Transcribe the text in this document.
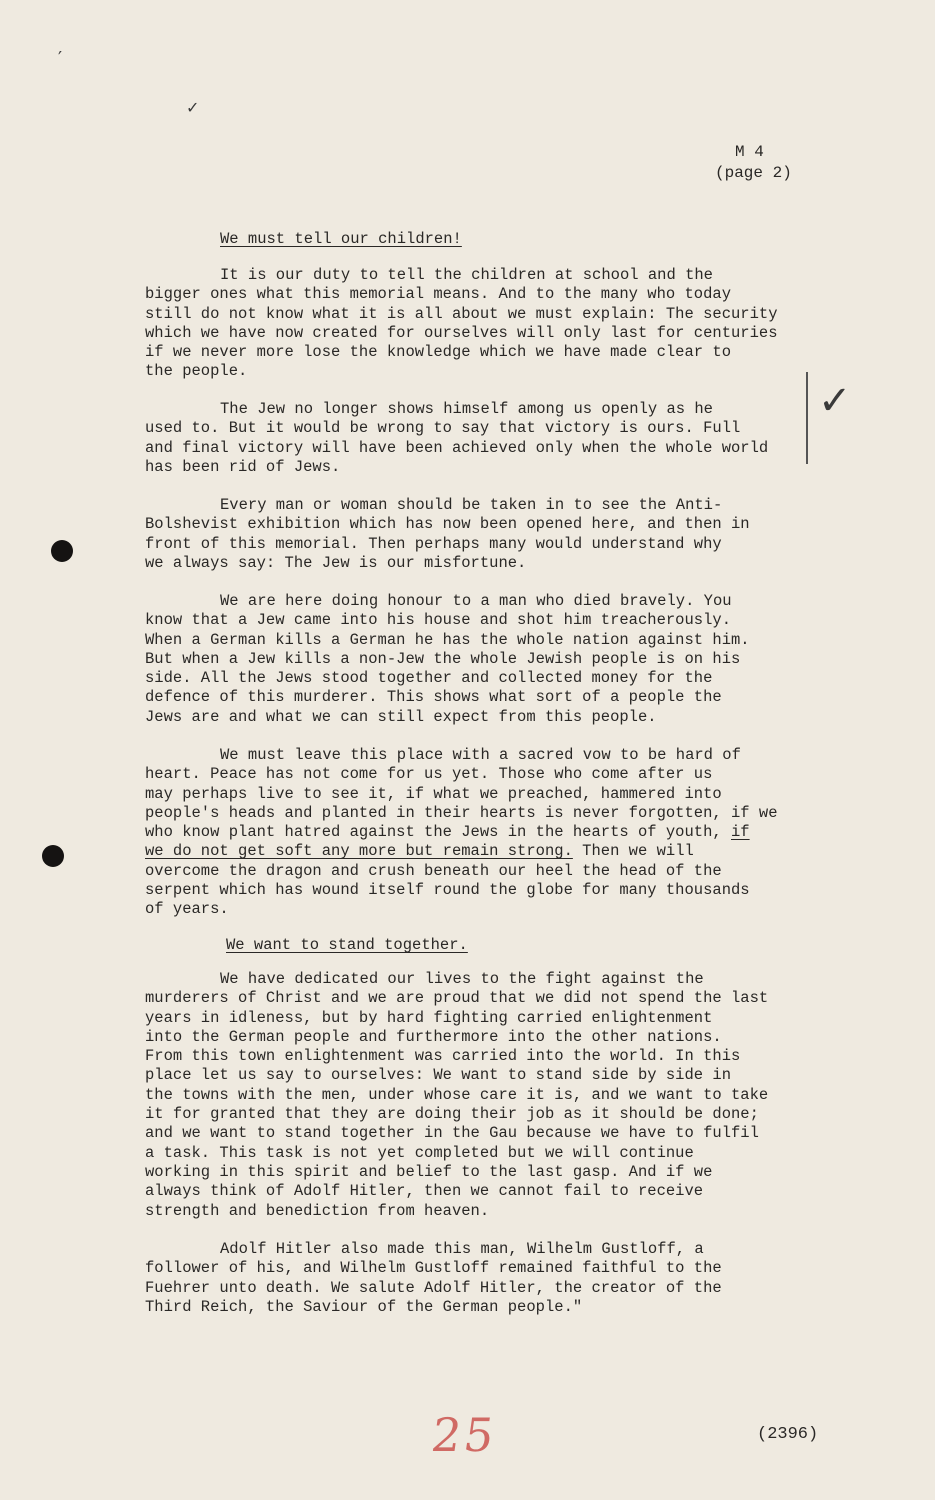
′
✓
M 4
(page 2)
We must tell our children!
It is our duty to tell the children at school and the
bigger ones what this memorial means. And to the many who today
still do not know what it is all about we must explain: The security
which we have now created for ourselves will only last for centuries
if we never more lose the knowledge which we have made clear to
the people.
The Jew no longer shows himself among us openly as he
used to. But it would be wrong to say that victory is ours. Full
and final victory will have been achieved only when the whole world
has been rid of Jews.
Every man or woman should be taken in to see the Anti-
Bolshevist exhibition which has now been opened here, and then in
front of this memorial. Then perhaps many would understand why
we always say: The Jew is our misfortune.
We are here doing honour to a man who died bravely. You
know that a Jew came into his house and shot him treacherously.
When a German kills a German he has the whole nation against him.
But when a Jew kills a non-Jew the whole Jewish people is on his
side. All the Jews stood together and collected money for the
defence of this murderer. This shows what sort of a people the
Jews are and what we can still expect from this people.
We must leave this place with a sacred vow to be hard of
heart. Peace has not come for us yet. Those who come after us
may perhaps live to see it, if what we preached, hammered into
people's heads and planted in their hearts is never forgotten, if we
who know plant hatred against the Jews in the hearts of youth, if
we do not get soft any more but remain strong. Then we will
overcome the dragon and crush beneath our heel the head of the
serpent which has wound itself round the globe for many thousands
of years.
We want to stand together.
We have dedicated our lives to the fight against the
murderers of Christ and we are proud that we did not spend the last
years in idleness, but by hard fighting carried enlightenment
into the German people and furthermore into the other nations.
From this town enlightenment was carried into the world. In this
place let us say to ourselves: We want to stand side by side in
the towns with the men, under whose care it is, and we want to take
it for granted that they are doing their job as it should be done;
and we want to stand together in the Gau because we have to fulfil
a task. This task is not yet completed but we will continue
working in this spirit and belief to the last gasp. And if we
always think of Adolf Hitler, then we cannot fail to receive
strength and benediction from heaven.
Adolf Hitler also made this man, Wilhelm Gustloff, a
follower of his, and Wilhelm Gustloff remained faithful to the
Fuehrer unto death. We salute Adolf Hitler, the creator of the
Third Reich, the Saviour of the German people."
✓
25	(2396)
